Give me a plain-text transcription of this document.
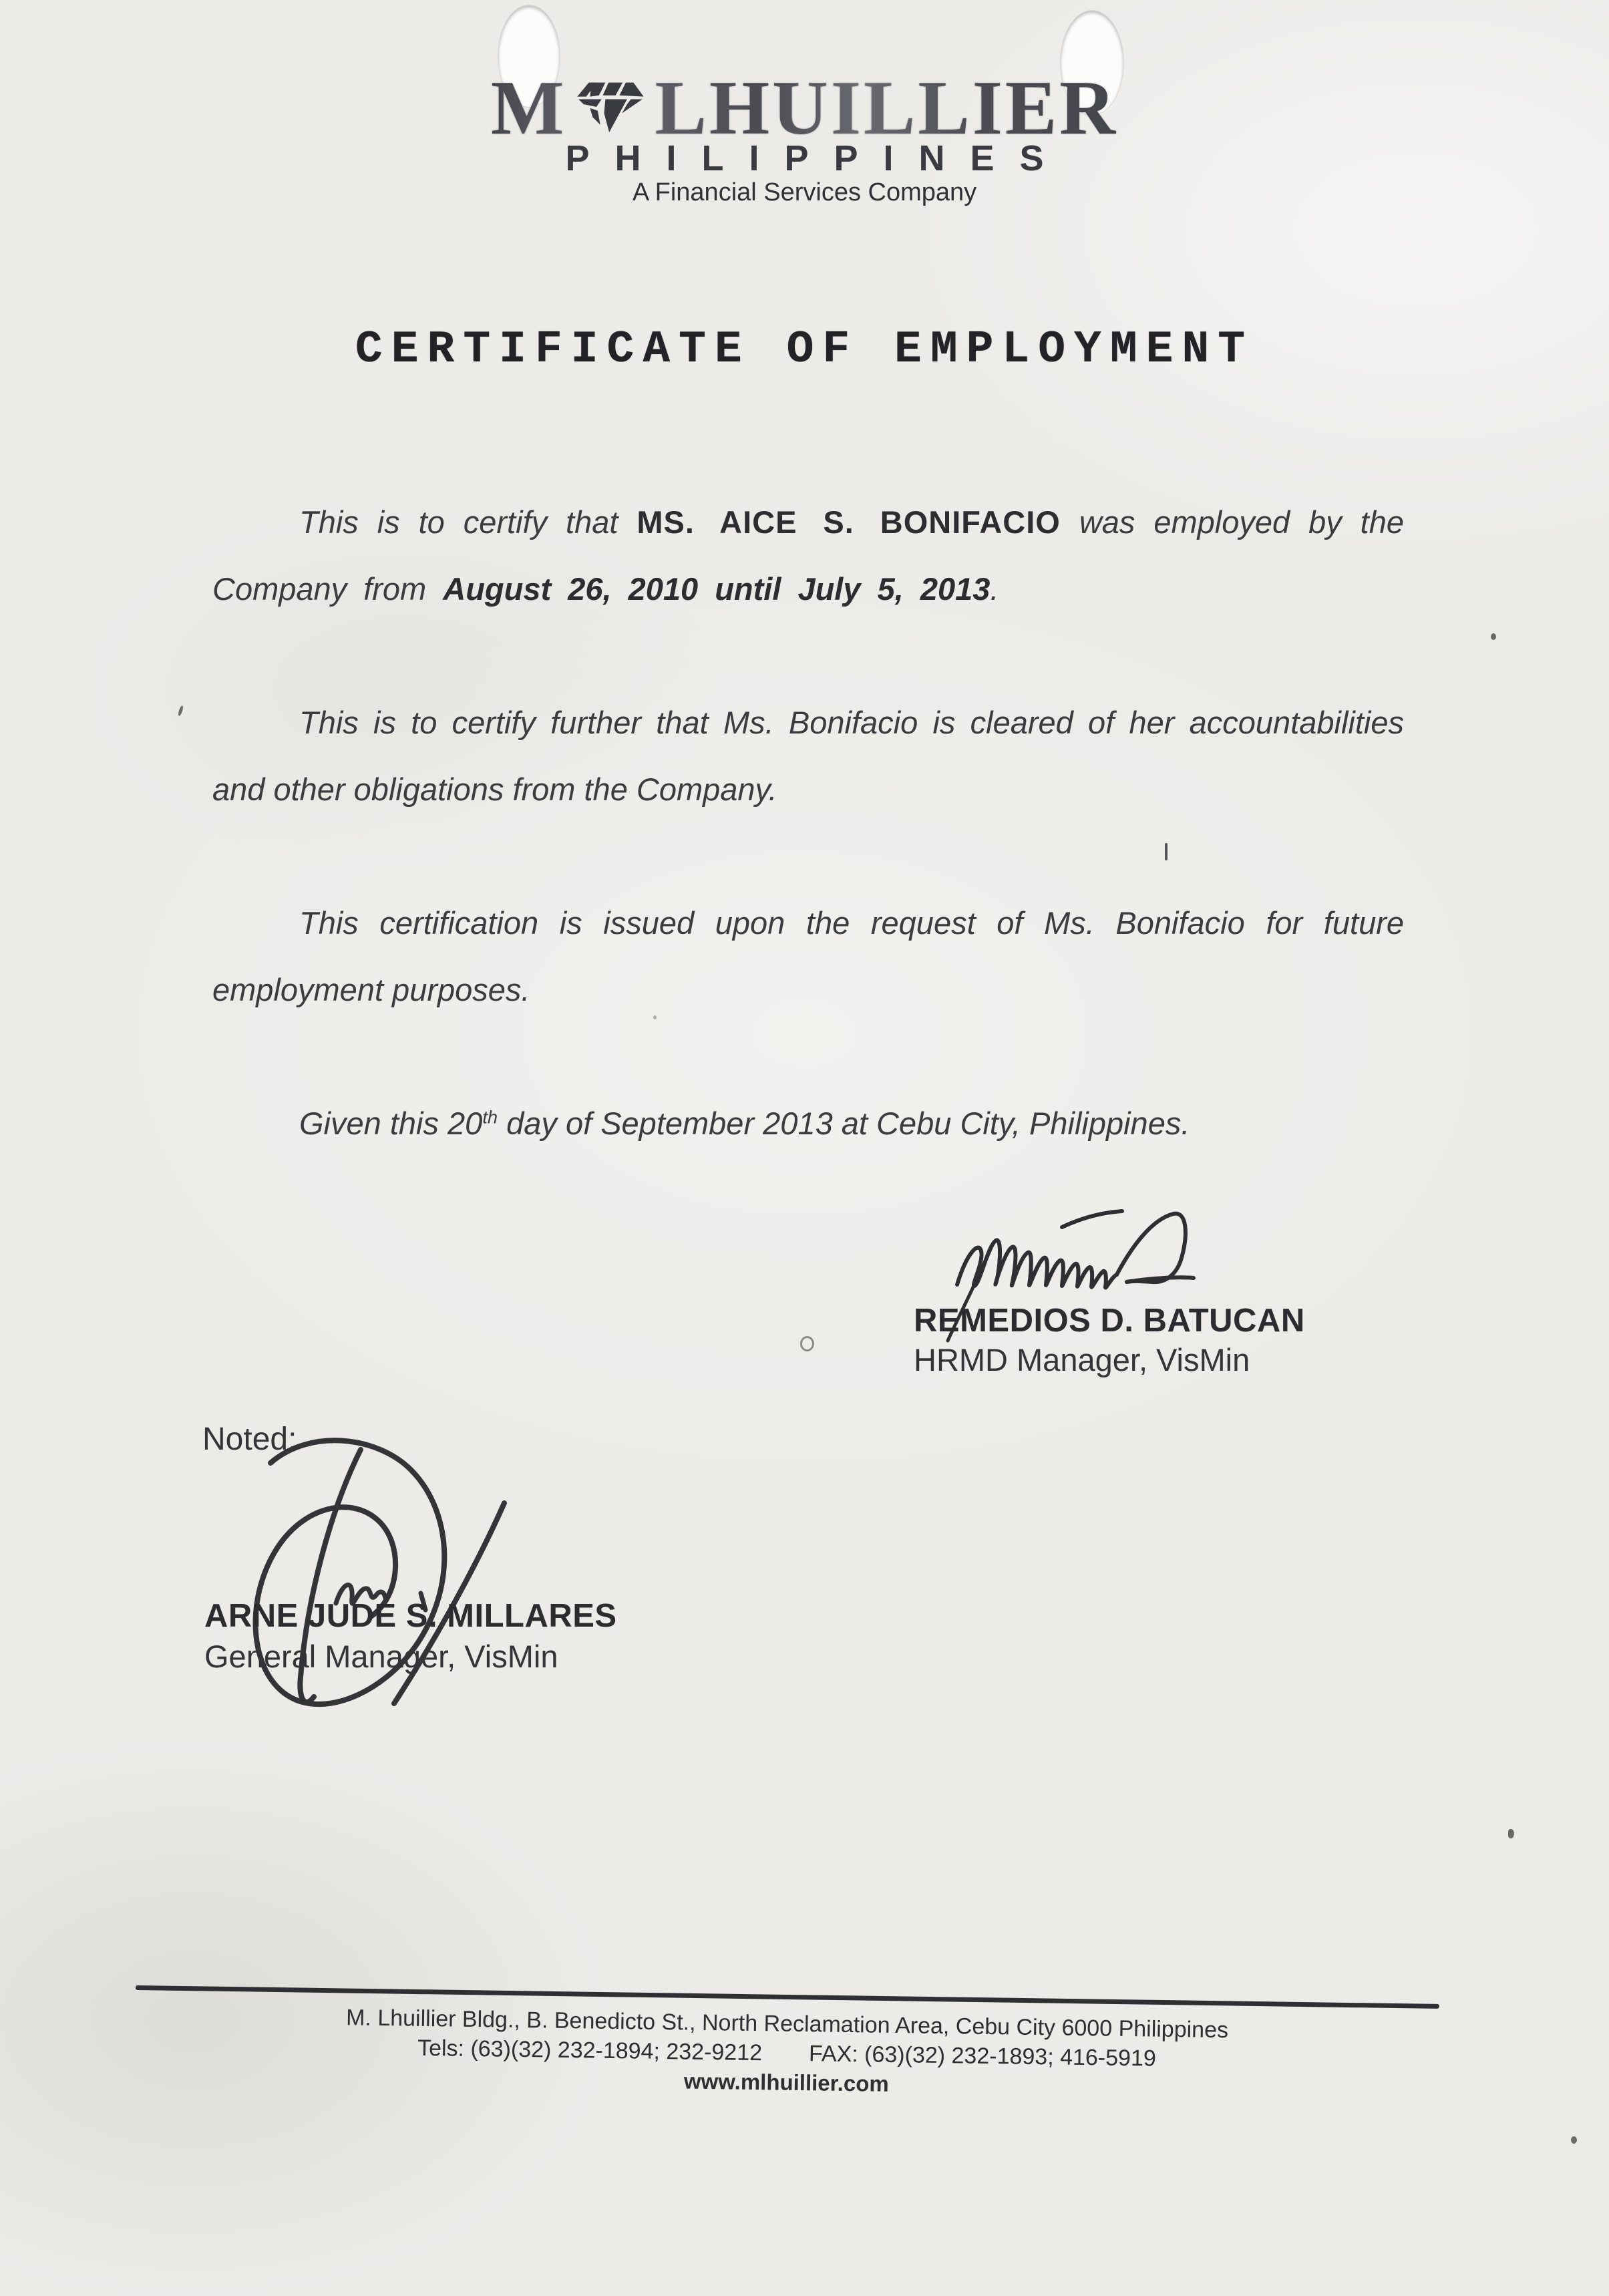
M LHUILLIER
PHILIPPINES
A Financial Services Company
CERTIFICATE OF EMPLOYMENT
This is to certify that MS. AICE S. BONIFACIO was employed by the
Company from August 26, 2010 until July 5, 2013.
This is to certify further that Ms. Bonifacio is cleared of her accountabilities
and other obligations from the Company.
This certification is issued upon the request of Ms. Bonifacio for future
employment purposes.
Given this 20th day of September 2013 at Cebu City, Philippines.
REMEDIOS D. BATUCAN
HRMD Manager, VisMin
Noted:
ARNE JUDE S. MILLARES
General Manager, VisMin
M. Lhuillier Bldg., B. Benedicto St., North Reclamation Area, Cebu City 6000 Philippines
Tels: (63)(32) 232-1894; 232-9212 FAX: (63)(32) 232-1893; 416-5919
www.mlhuillier.com
